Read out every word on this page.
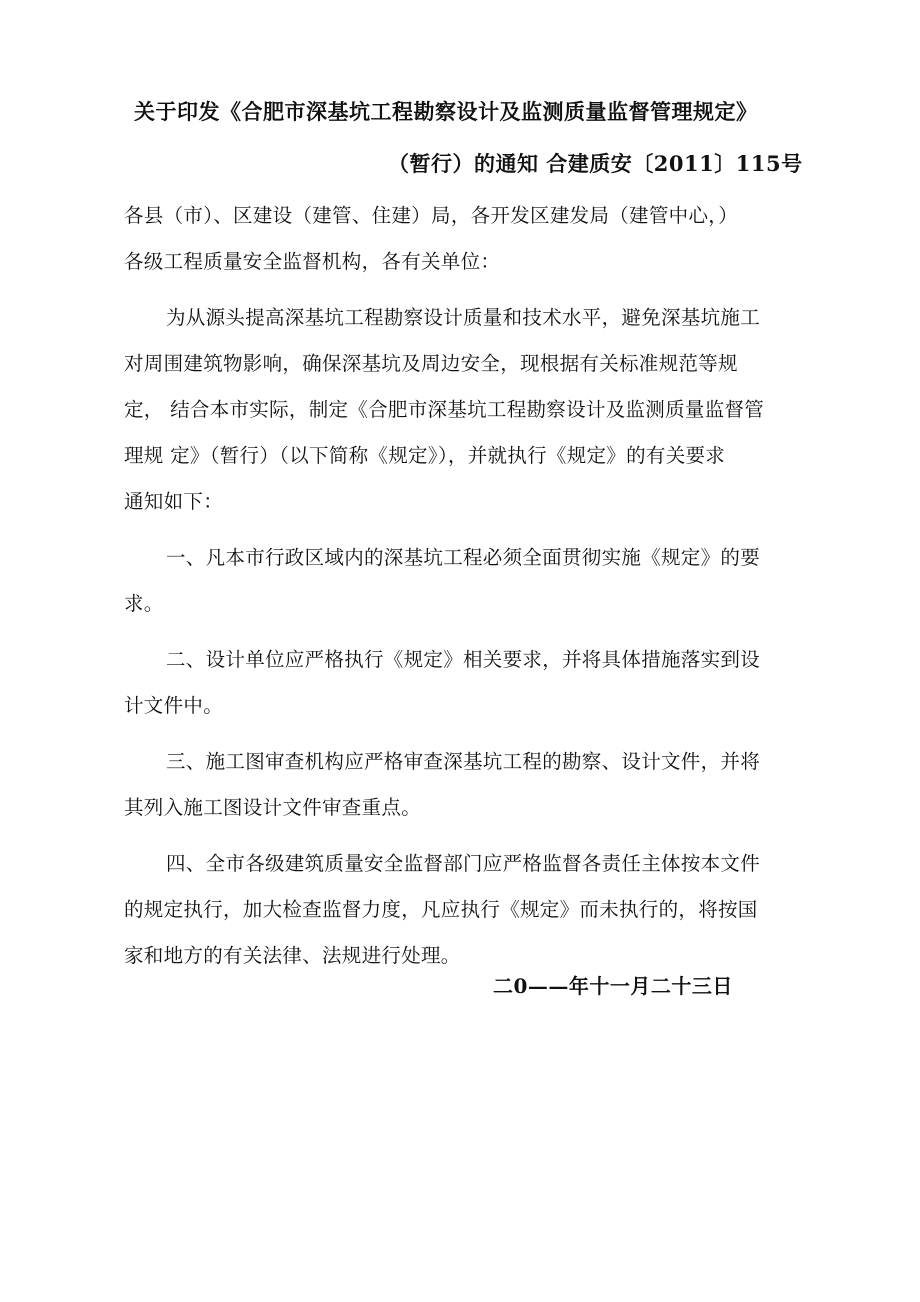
关于印发《合肥市深基坑工程勘察设计及监测质量监督管理规定》
（暂行）的通知 合建质安〔2011〕115号
各县（市）、区建设（建管、住建）局，各开发区建发局（建管中心，）
各级工程质量安全监督机构，各有关单位：
为从源头提高深基坑工程勘察设计质量和技术水平，避免深基坑施工
对周围建筑物影响，确保深基坑及周边安全，现根据有关标准规范等规
定， 结合本市实际，制定《合肥市深基坑工程勘察设计及监测质量监督管
理规 定》（暂行）（以下简称《规定》），并就执行《规定》的有关要求
通知如下：
一、凡本市行政区域内的深基坑工程必须全面贯彻实施《规定》的要
求。
二、设计单位应严格执行《规定》相关要求，并将具体措施落实到设
计文件中。
三、施工图审查机构应严格审查深基坑工程的勘察、设计文件，并将
其列入施工图设计文件审查重点。
四、全市各级建筑质量安全监督部门应严格监督各责任主体按本文件
的规定执行，加大检查监督力度，凡应执行《规定》而未执行的，将按国
家和地方的有关法律、法规进行处理。
二0——年十一月二十三日
